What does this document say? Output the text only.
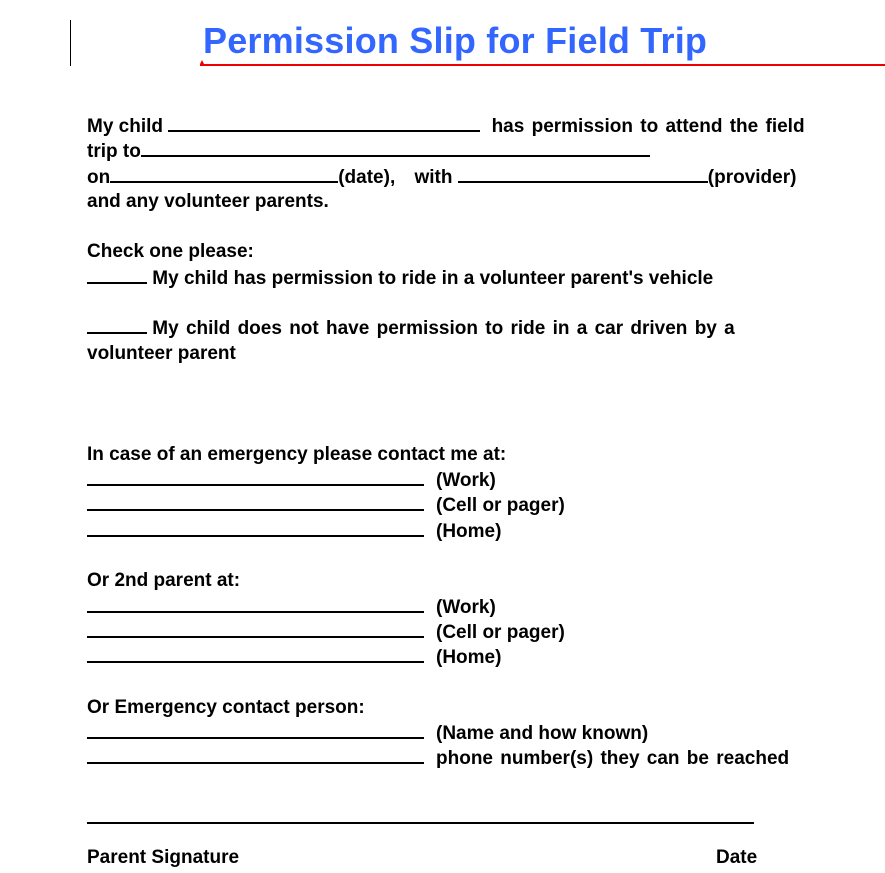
Permission Slip for Field Trip
My child	has permission to attend the field
trip to
on	(date), with	(provider)
and any volunteer parents.
Check one please:
My child has permission to ride in a volunteer parent's vehicle
My child does not have permission to ride in a car driven by a
volunteer parent
In case of an emergency please contact me at:
(Work)
(Cell or pager)
(Home)
Or 2nd parent at:
(Work)
(Cell or pager)
(Home)
Or Emergency contact person:
(Name and how known)
phone number(s) they can be reached
Parent Signature	Date
